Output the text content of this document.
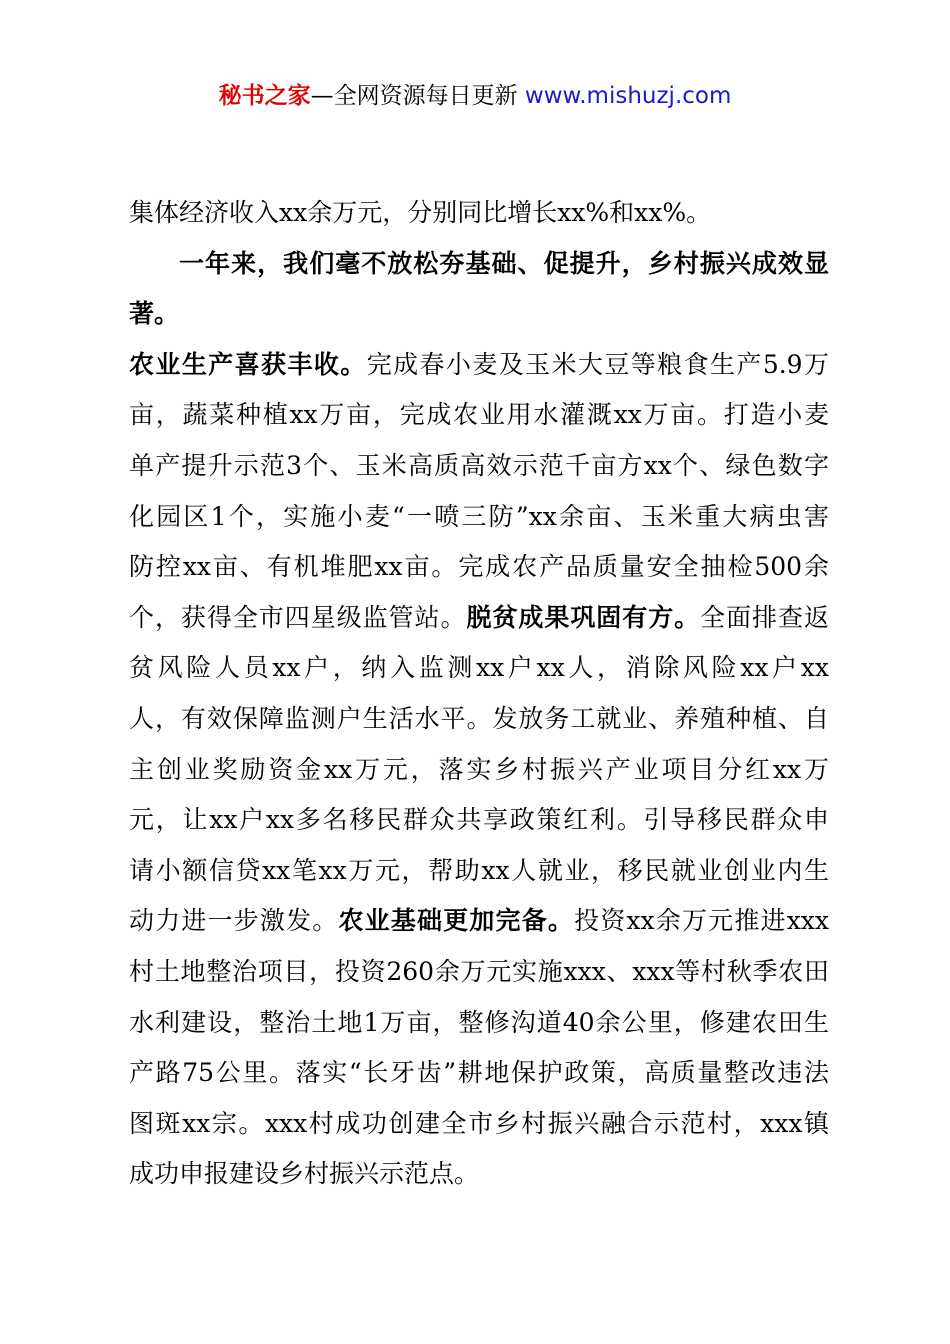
秘书之家—全网资源每日更新 www.mishuzj.com
集体经济收入xx余万元，分别同比增长xx%和xx%。
一年来，我们毫不放松夯基础、促提升，乡村振兴成效显
著。
农业生产喜获丰收。完成春小麦及玉米大豆等粮食生产5.9万
亩，蔬菜种植xx万亩，完成农业用水灌溉xx万亩。打造小麦
单产提升示范3个、玉米高质高效示范千亩方xx个、绿色数字
化园区1个，实施小麦“一喷三防”xx余亩、玉米重大病虫害
防控xx亩、有机堆肥xx亩。完成农产品质量安全抽检500余
个，获得全市四星级监管站。脱贫成果巩固有方。全面排查返
贫风险人员xx户，纳入监测xx户xx人，消除风险xx户xx
人，有效保障监测户生活水平。发放务工就业、养殖种植、自
主创业奖励资金xx万元，落实乡村振兴产业项目分红xx万
元，让xx户xx多名移民群众共享政策红利。引导移民群众申
请小额信贷xx笔xx万元，帮助xx人就业，移民就业创业内生
动力进一步激发。农业基础更加完备。投资xx余万元推进xxx
村土地整治项目，投资260余万元实施xxx、xxx等村秋季农田
水利建设，整治土地1万亩，整修沟道40余公里，修建农田生
产路75公里。落实“长牙齿”耕地保护政策，高质量整改违法
图斑xx宗。xxx村成功创建全市乡村振兴融合示范村，xxx镇
成功申报建设乡村振兴示范点。
